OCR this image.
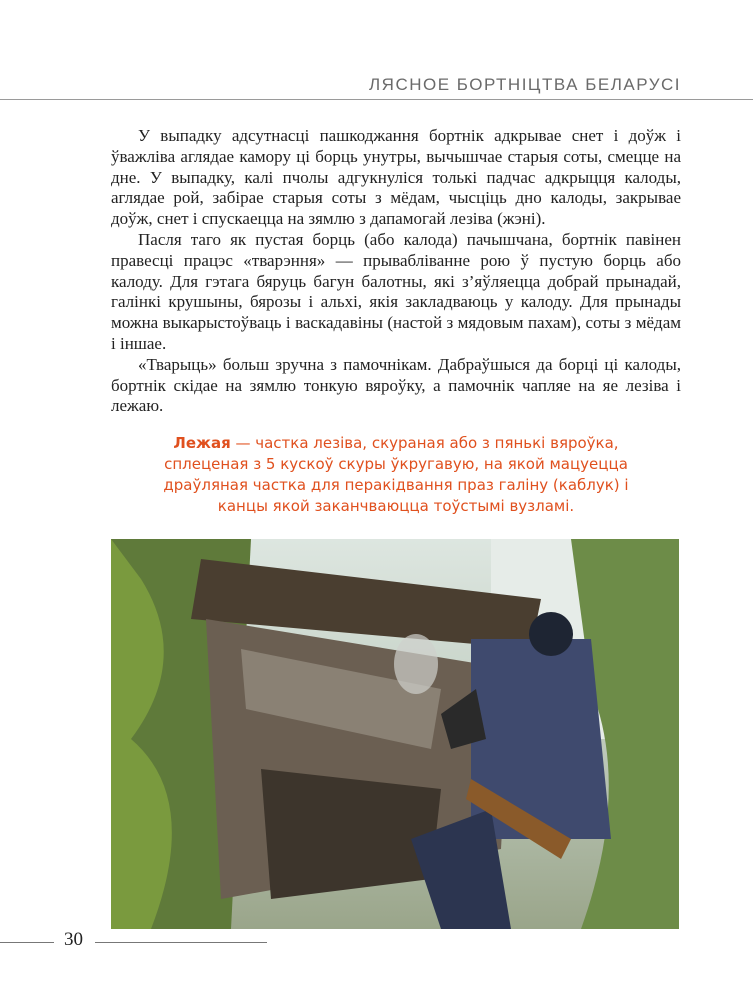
ЛЯСНОЕ БОРТНІЦТВА БЕЛАРУСІ

У выпадку адсутнасці пашкоджання бортнік адкрывае снет і доўж і ўважліва аглядае камору ці борць унутры, вычышчае старыя соты, смецце на дне. У выпадку, калі пчолы адгукнуліся толькі падчас адкрыцця калоды, аглядае рой, забірае старыя соты з мёдам, чысціць дно калоды, закрывае доўж, снет і спускаецца на зямлю з дапамогай лезіва (жэні).

Пасля таго як пустая борць (або калода) пачышчана, бортнік павінен правесці працэс «тварэння» — прываблiванне рою ў пустую борць або калоду. Для гэтага бяруць багун балотны, які з’яўляецца добрай прынадай, галінкі крушыны, бярозы і альхі, якія закладваюць у калоду. Для прынады можна выкарыстоўваць і васкадавіны (настой з мядовым пахам), соты з мёдам і іншае.

«Тварыць» больш зручна з памочнікам. Дабраўшыся да борці ці калоды, бортнік скідае на зямлю тонкую вяроўку, а памочнік чапляе на яе лезіва і лежаю.

Лежая — частка лезіва, скураная або з пянькі вяроўка, сплеценая з 5 кускоў скуры ўкругавую, на якой мацуецца драўляная частка для перакідвання праз галіну (каблук) і канцы якой заканчваюцца тоўстымі вузламі.
30
